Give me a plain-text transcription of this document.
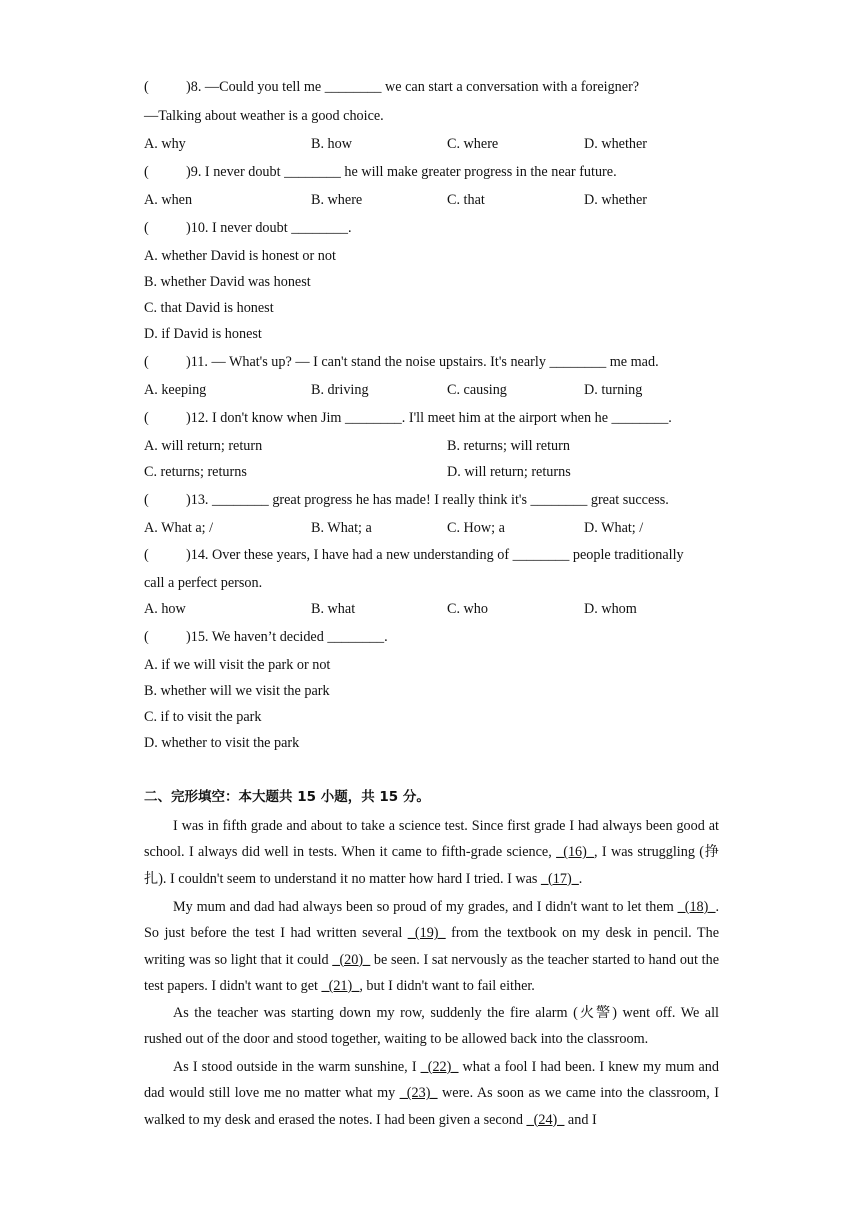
(	)8. —Could you tell me ________ we can start a conversation with a foreigner?
—Talking about weather is a good choice.
A. why	B. how	C. where	D. whether
(	)9. I never doubt ________ he will make greater progress in the near future.
A. when	B. where	C. that	D. whether
(	)10. I never doubt ________.
A. whether David is honest or not
B. whether David was honest
C. that David is honest
D. if David is honest
(	)11. — What's up? — I can't stand the noise upstairs. It's nearly ________ me mad.
A. keeping	B. driving	C. causing	D. turning
(	)12. I don't know when Jim ________. I'll meet him at the airport when he ________.
A. will return; return	B. returns; will return
C. returns; returns	D. will return; returns
(	)13. ________ great progress he has made! I really think it's ________ great success.
A. What a; /	B. What; a	C. How; a	D. What; /
(	)14. Over these years, I have had a new understanding of ________ people traditionally
call a perfect person.
A. how	B. what	C. who	D. whom
(	)15. We haven’t decided ________.
A. if we will visit the park or not
B. whether will we visit the park
C. if to visit the park
D. whether to visit the park
二、完形填空：本大题共 15 小题，共 15 分。
I was in fifth grade and about to take a science test. Since first grade I had always been good at school. I always did well in tests. When it came to fifth-grade science, _(16)_, I was struggling (挣扎). I couldn't seem to understand it no matter how hard I tried. I was _(17)_.
My mum and dad had always been so proud of my grades, and I didn't want to let them _(18)_. So just before the test I had written several _(19)_ from the textbook on my desk in pencil. The writing was so light that it could _(20)_ be seen. I sat nervously as the teacher started to hand out the test papers. I didn't want to get _(21)_, but I didn't want to fail either.
As the teacher was starting down my row, suddenly the fire alarm (火警) went off. We all rushed out of the door and stood together, waiting to be allowed back into the classroom.
As I stood outside in the warm sunshine, I _(22)_ what a fool I had been. I knew my mum and dad would still love me no matter what my _(23)_ were. As soon as we came into the classroom, I walked to my desk and erased the notes. I had been given a second _(24)_ and I
